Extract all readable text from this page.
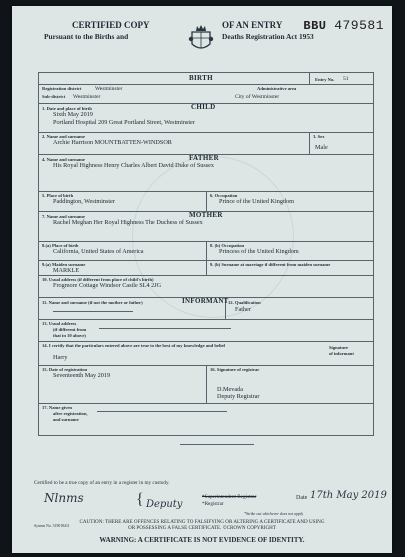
CERTIFIED COPY
Pursuant to the Births and
OF AN ENTRY
Deaths Registration Act 1953
BBU 479581
BIRTH	Entry No. 51
Registration district Westminster	Administrative area
Sub-district Westminster	City of Westminster
CHILD
1. Date and place of birth
Sixth May 2019
Portland Hospital 209 Great Portland Street, Westminster
2. Name and surname
Archie Harrison MOUNTBATTEN-WINDSOR
3. Sex
Male
FATHER
4. Name and surname
His Royal Highness Henry Charles Albert David Duke of Sussex
5. Place of birth
Paddington, Westminster
6. Occupation
Prince of the United Kingdom
MOTHER
7. Name and surname
Rachel Meghan Her Royal Highness The Duchess of Sussex
8.(a) Place of birth
California, United States of America
8. (b) Occupation
Princess of the United Kingdom
9.(a) Maiden surname
MARKLE
9. (b) Surname at marriage if different from maiden surname
10. Usual address (if different from place of child's birth)
Frogmore Cottage Windsor Castle SL4 2JG
INFORMANT
11. Name and surname (if not the mother or father)	12. Qualification
Father
13. Usual address
(if different from
that in 10 above)
14. I certify that the particulars entered above are true to the best of my knowledge and belief
Harry
Signature
of informant
15. Date of registration
Seventeenth May 2019
16. Signature of registrar
D.Mevada
Deputy Registrar
17. Name given
after registration,
and surname
Certified to be a true copy of an entry in a register in my custody.
Nlnms	{ Deputy
*Superintendent Registrar
*Registrar
*Strike out whichever does not apply
Date 17th May 2019
CAUTION: THERE ARE OFFENCES RELATING TO FALSIFYING OR ALTERING A CERTIFICATE AND USING
OR POSSESSING A FALSE CERTIFICATE. ©CROWN COPYRIGHT
System No. 519018411
WARNING: A CERTIFICATE IS NOT EVIDENCE OF IDENTITY.
